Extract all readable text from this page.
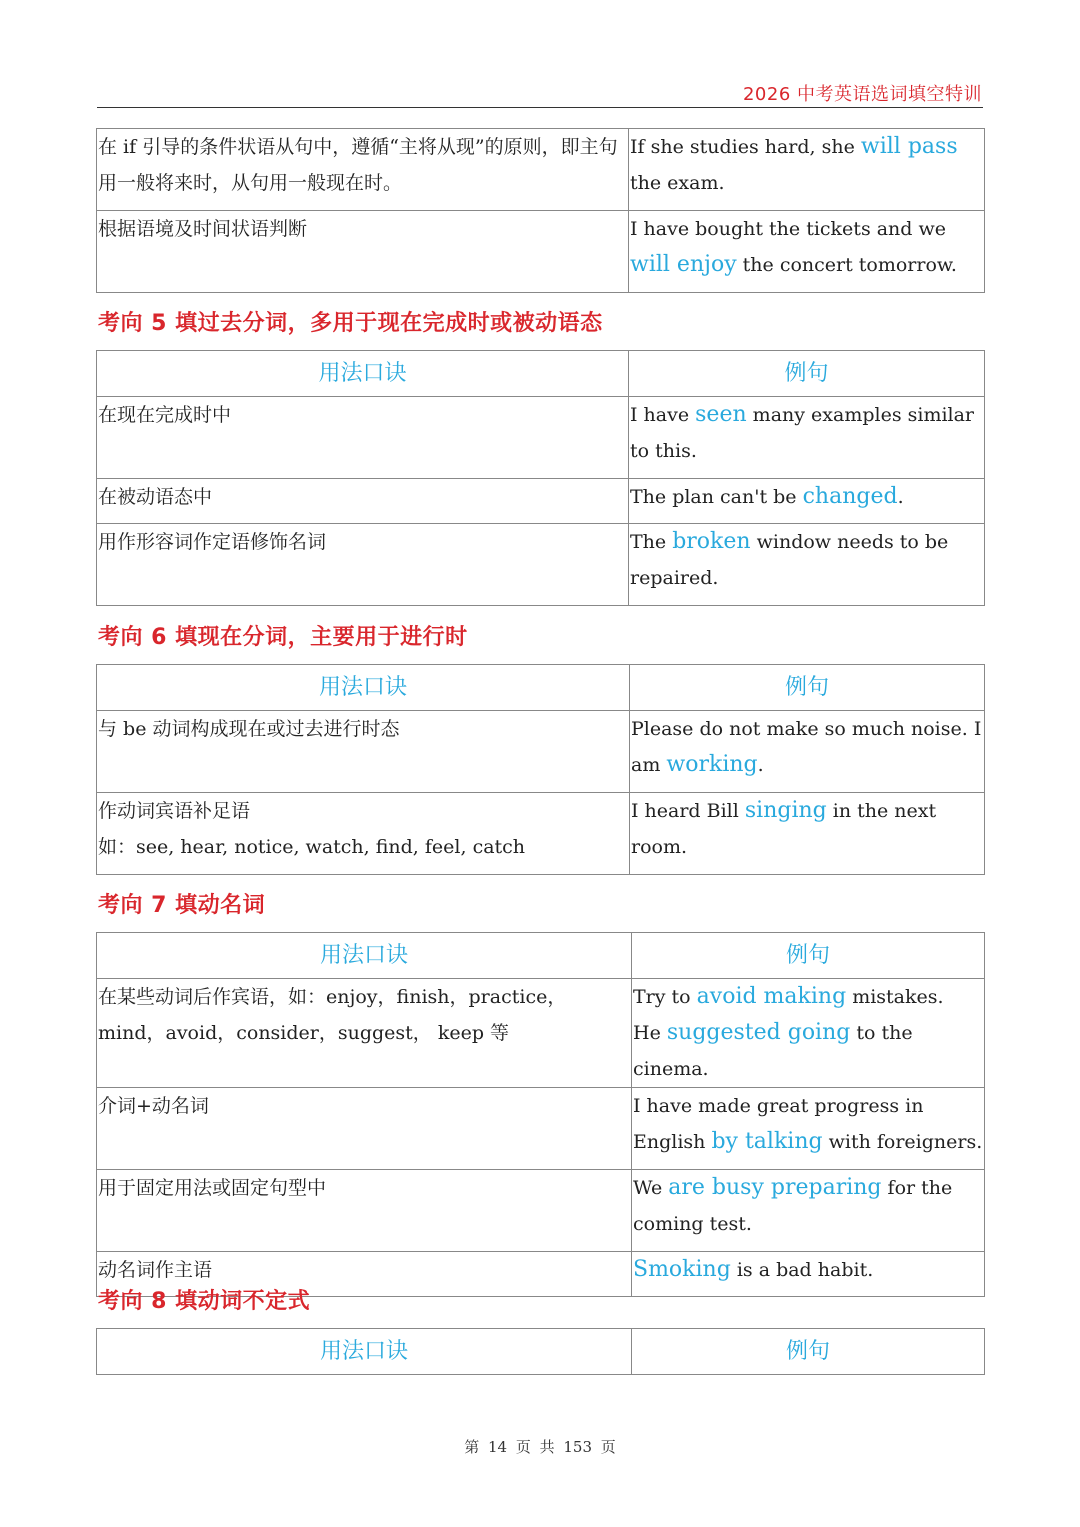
2026 中考英语选词填空特训
在 if 引导的条件状语从句中，遵循“主将从现”的原则，即主句用一般将来时，从句用一般现在时。	If she studies hard, she will pass the exam.
根据语境及时间状语判断	I have bought the tickets and we will enjoy the concert tomorrow.
考向 5 填过去分词，多用于现在完成时或被动语态
用法口诀	例句
在现在完成时中	I have seen many examples similar to this.
在被动语态中	The plan can't be changed.
用作形容词作定语修饰名词	The broken window needs to be repaired.
考向 6 填现在分词，主要用于进行时
用法口诀	例句
与 be 动词构成现在或过去进行时态	Please do not make so much noise. I am working.

作动词宾语补足语
如：see, hear, notice, watch, find, feel, catch	I heard Bill singing in the next room.
考向 7 填动名词
用法口诀	例句
在某些动词后作宾语，如：enjoy，finish，practice，mind，avoid，consider，suggest， keep 等	Try to avoid making mistakes.
He suggested going to the cinema.

介词+动名词	I have made great progress in English by talking with foreigners.
用于固定用法或固定句型中	We are busy preparing for the coming test.
动名词作主语	Smoking is a bad habit.
考向 8 填动词不定式
用法口诀	例句
第 14 页 共 153 页
